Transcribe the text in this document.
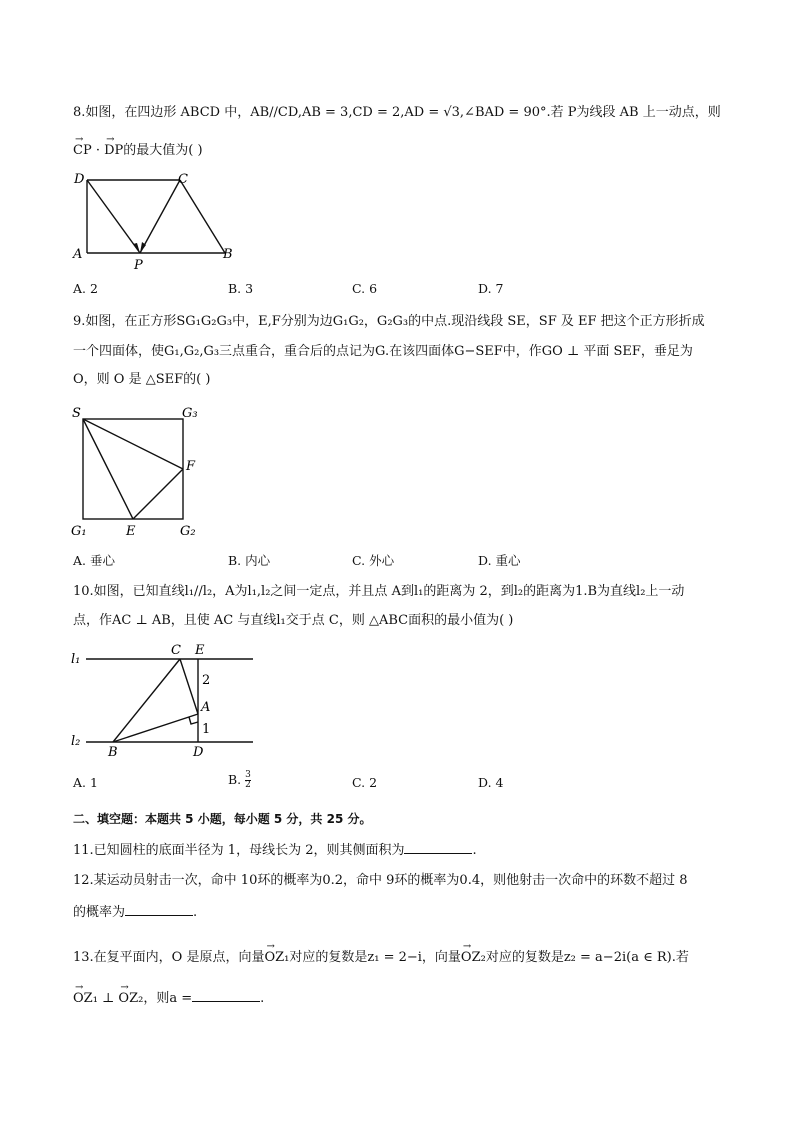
8.如图，在四边形 ABCD 中，AB//CD,AB = 3,CD = 2,AD = √3,∠BAD = 90°.若 P为线段 AB 上一动点，则
→ CP · → DP的最大值为( )
D	C
A
P
B
A. 2	B. 3	C. 6	D. 7
9.如图，在正方形SG₁G₂G₃中，E,F分别为边G₁G₂，G₂G₃的中点.现沿线段 SE，SF 及 EF 把这个正方形折成
一个四面体，使G₁,G₂,G₃三点重合，重合后的点记为G.在该四面体G−SEF中，作GO ⊥ 平面 SEF，垂足为
O，则 O 是 △SEF的( )
S	G₃
F
G₁	E	G₂
A. 垂心	B. 内心	C. 外心	D. 重心
10.如图，已知直线l₁//l₂，A为l₁,l₂之间一定点，并且点 A到l₁的距离为 2，到l₂的距离为1.B为直线l₂上一动
点，作AC ⊥ AB，且使 AC 与直线l₁交于点 C，则 △ABC面积的最小值为( )
l₁
C E
2
A
1
l₂
B	D
A. 1	B. $\frac{3}{2}$	C. 2	D. 4
二、填空题：本题共 5 小题，每小题 5 分，共 25 分。
11.已知圆柱的底面半径为 1，母线长为 2，则其侧面积为	.
12.某运动员射击一次，命中 10环的概率为0.2，命中 9环的概率为0.4，则他射击一次命中的环数不超过 8
的概率为	.
13.在复平面内，O 是原点，向量→ OZ₁对应的复数是z₁ = 2−i，向量→ OZ₂对应的复数是z₂ = a−2i(a ∈ R).若
→ OZ₁ ⊥ → OZ₂，则a =	.
